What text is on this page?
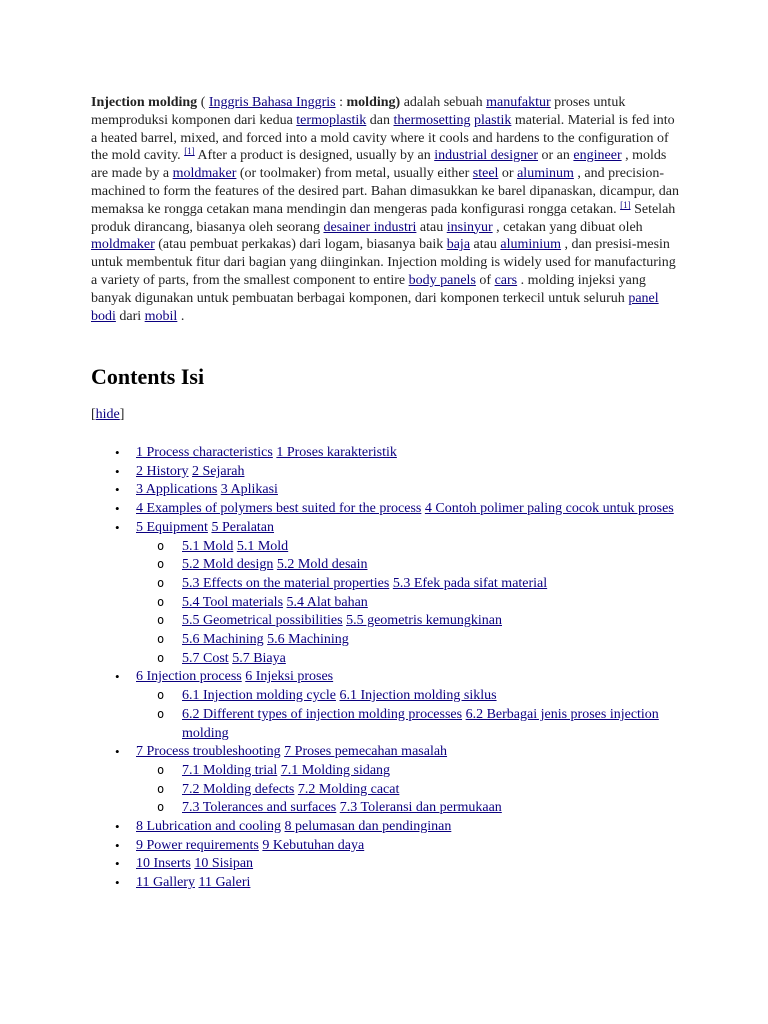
Injection molding ( Inggris Bahasa Inggris : molding) adalah sebuah manufaktur proses untuk memproduksi komponen dari kedua termoplastik dan thermosetting plastik material. Material is fed into a heated barrel, mixed, and forced into a mold cavity where it cools and hardens to the configuration of the mold cavity. [1] After a product is designed, usually by an industrial designer or an engineer , molds are made by a moldmaker (or toolmaker) from metal, usually either steel or aluminum , and precision-machined to form the features of the desired part. Bahan dimasukkan ke barel dipanaskan, dicampur, dan memaksa ke rongga cetakan mana mendingin dan mengeras pada konfigurasi rongga cetakan. [1] Setelah produk dirancang, biasanya oleh seorang desainer industri atau insinyur , cetakan yang dibuat oleh moldmaker (atau pembuat perkakas) dari logam, biasanya baik baja atau aluminium , dan presisi-mesin untuk membentuk fitur dari bagian yang diinginkan. Injection molding is widely used for manufacturing a variety of parts, from the smallest component to entire body panels of cars . molding injeksi yang banyak digunakan untuk pembuatan berbagai komponen, dari komponen terkecil untuk seluruh panel bodi dari mobil .

Contents Isi
[hide]
• 1 Process characteristics 1 Proses karakteristik
• 2 History 2 Sejarah
• 3 Applications 3 Aplikasi
• 4 Examples of polymers best suited for the process 4 Contoh polimer paling cocok untuk proses
• 5 Equipment 5 Peralatan
o 5.1 Mold 5.1 Mold
o 5.2 Mold design 5.2 Mold desain
o 5.3 Effects on the material properties 5.3 Efek pada sifat material
o 5.4 Tool materials 5.4 Alat bahan
o 5.5 Geometrical possibilities 5.5 geometris kemungkinan
o 5.6 Machining 5.6 Machining
o 5.7 Cost 5.7 Biaya
• 6 Injection process 6 Injeksi proses
o 6.1 Injection molding cycle 6.1 Injection molding siklus
o 6.2 Different types of injection molding processes 6.2 Berbagai jenis proses injection molding
• 7 Process troubleshooting 7 Proses pemecahan masalah
o 7.1 Molding trial 7.1 Molding sidang
o 7.2 Molding defects 7.2 Molding cacat
o 7.3 Tolerances and surfaces 7.3 Toleransi dan permukaan
• 8 Lubrication and cooling 8 pelumasan dan pendinginan
• 9 Power requirements 9 Kebutuhan daya
• 10 Inserts 10 Sisipan
• 11 Gallery 11 Galeri
